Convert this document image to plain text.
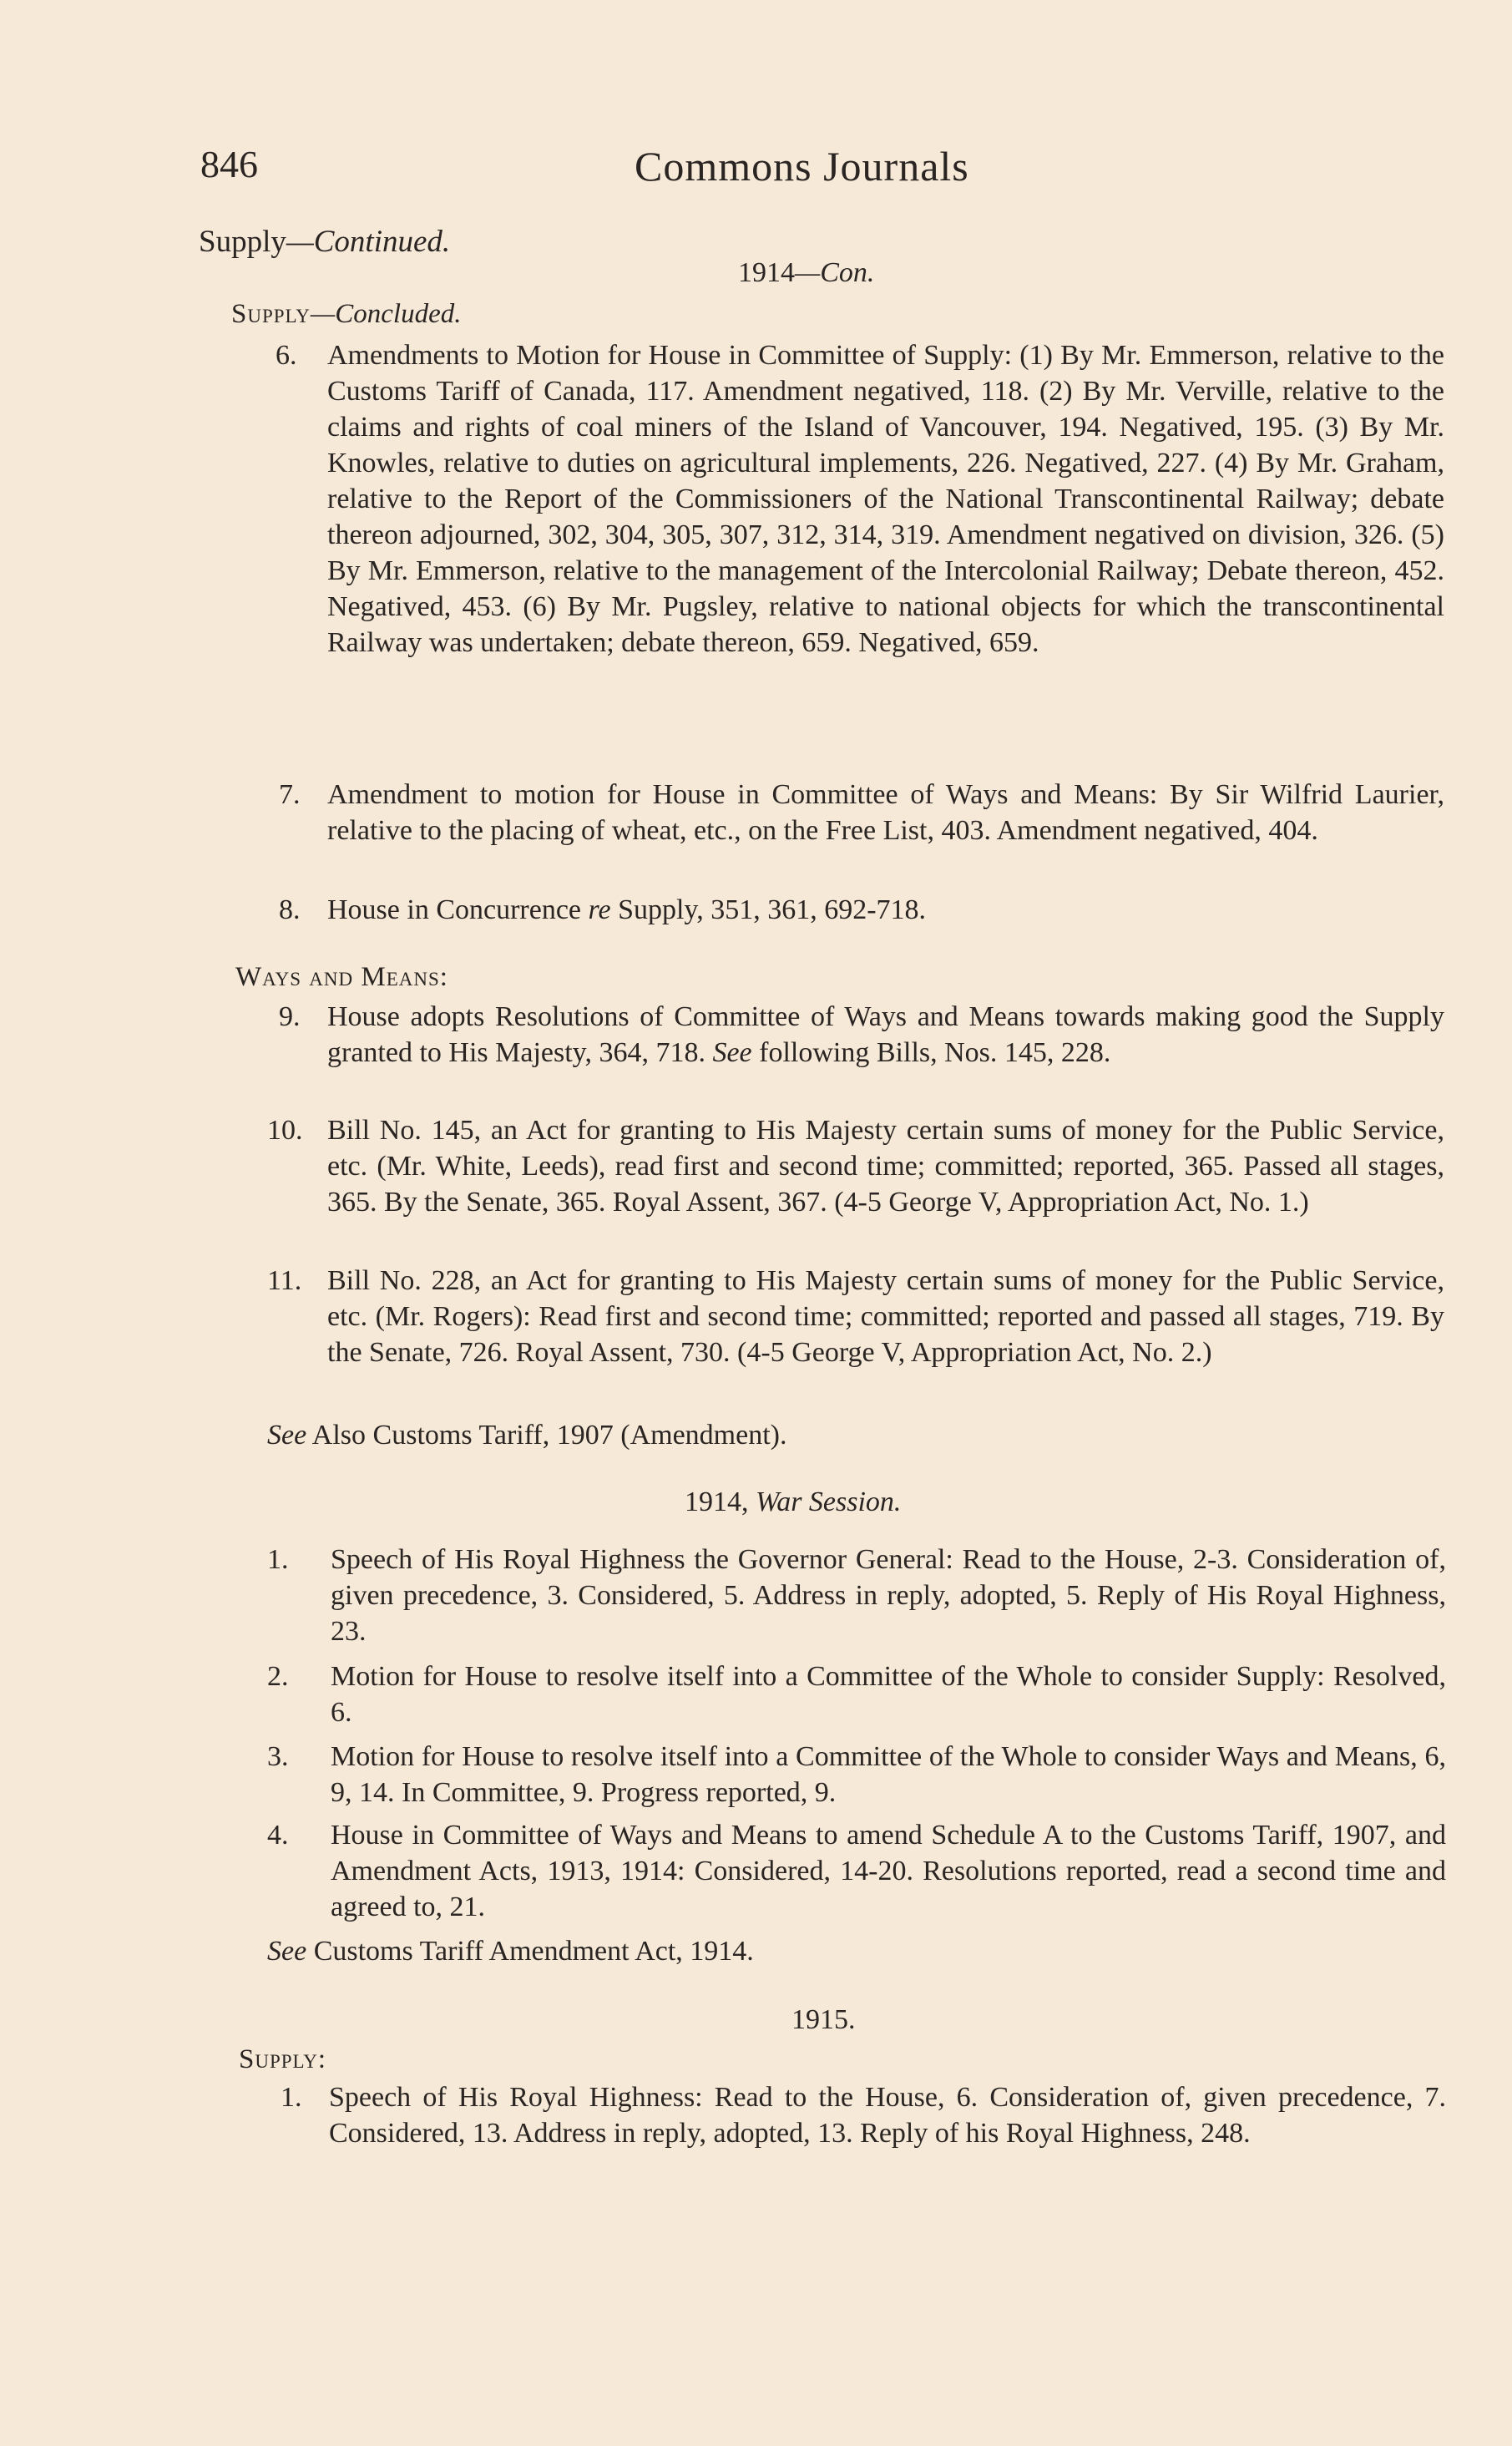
846	Commons Journals
Supply—Continued.
1914—Con.
Supply—Concluded.
6. Amendments to Motion for House in Committee of Supply: (1) By Mr. Emmerson, relative to the Customs Tariff of Canada, 117. Amendment negatived, 118. (2) By Mr. Verville, relative to the claims and rights of coal miners of the Island of Vancouver, 194. Negatived, 195. (3) By Mr. Knowles, relative to duties on agricultural implements, 226. Negatived, 227. (4) By Mr. Graham, relative to the Report of the Commissioners of the National Transcontinental Railway; debate thereon adjourned, 302, 304, 305, 307, 312, 314, 319. Amendment negatived on division, 326. (5) By Mr. Emmerson, relative to the management of the Intercolonial Railway; Debate thereon, 452. Negatived, 453. (6) By Mr. Pugsley, relative to national objects for which the transcontinental Railway was undertaken; debate thereon, 659. Negatived, 659.
7. Amendment to motion for House in Committee of Ways and Means: By Sir Wilfrid Laurier, relative to the placing of wheat, etc., on the Free List, 403. Amendment negatived, 404.
8. House in Concurrence re Supply, 351, 361, 692-718.
Ways and Means:
9. House adopts Resolutions of Committee of Ways and Means towards making good the Supply granted to His Majesty, 364, 718. See following Bills, Nos. 145, 228.
10. Bill No. 145, an Act for granting to His Majesty certain sums of money for the Public Service, etc. (Mr. White, Leeds), read first and second time; committed; reported, 365. Passed all stages, 365. By the Senate, 365. Royal Assent, 367. (4-5 George V, Appropriation Act, No. 1.)
11. Bill No. 228, an Act for granting to His Majesty certain sums of money for the Public Service, etc. (Mr. Rogers): Read first and second time; committed; reported and passed all stages, 719. By the Senate, 726. Royal Assent, 730. (4-5 George V, Appropriation Act, No. 2.)
See Also Customs Tariff, 1907 (Amendment).
1914, War Session.
1. Speech of His Royal Highness the Governor General: Read to the House, 2-3. Consideration of, given precedence, 3. Considered, 5. Address in reply, adopted, 5. Reply of His Royal Highness, 23.
2. Motion for House to resolve itself into a Committee of the Whole to consider Supply: Resolved, 6.
3. Motion for House to resolve itself into a Committee of the Whole to consider Ways and Means, 6, 9, 14. In Committee, 9. Progress reported, 9.
4. House in Committee of Ways and Means to amend Schedule A to the Customs Tariff, 1907, and Amendment Acts, 1913, 1914: Considered, 14-20. Resolutions reported, read a second time and agreed to, 21.
See Customs Tariff Amendment Act, 1914.
1915.
Supply:
1. Speech of His Royal Highness: Read to the House, 6. Consideration of, given precedence, 7. Considered, 13. Address in reply, adopted, 13. Reply of his Royal Highness, 248.
